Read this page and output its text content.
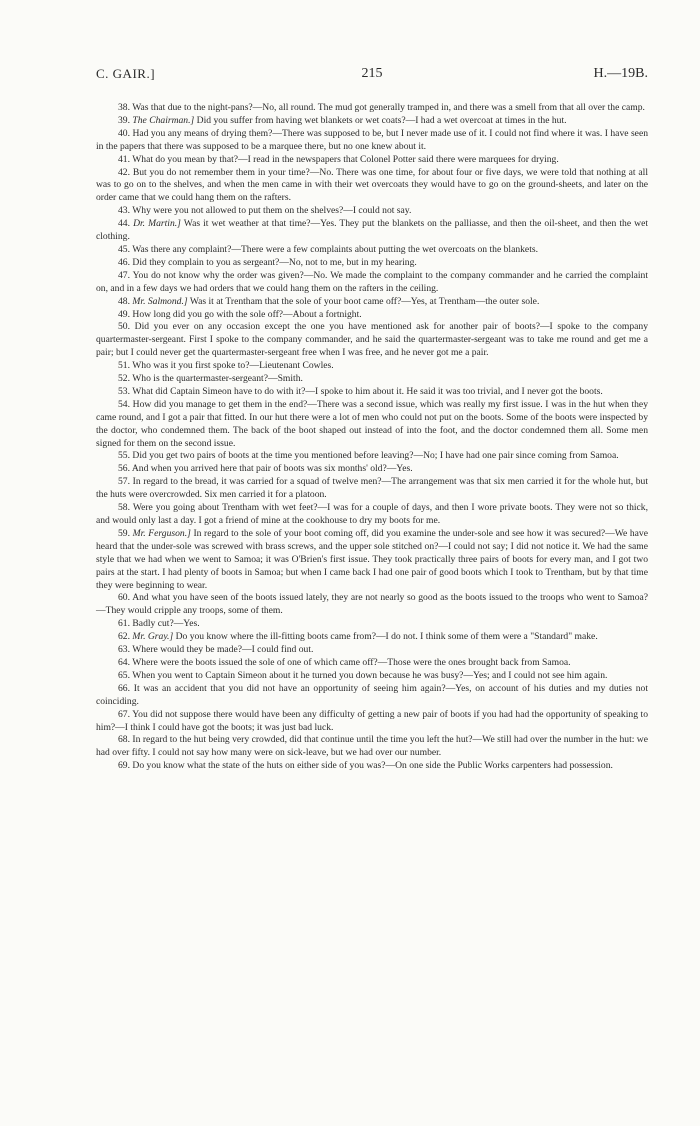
C. GAIR.]	215	H.—19B.

38. Was that due to the night-pans?—No, all round. The mud got generally tramped in, and there was a smell from that all over the camp.

39. The Chairman.] Did you suffer from having wet blankets or wet coats?—I had a wet overcoat at times in the hut.

40. Had you any means of drying them?—There was supposed to be, but I never made use of it. I could not find where it was. I have seen in the papers that there was supposed to be a marquee there, but no one knew about it.

41. What do you mean by that?—I read in the newspapers that Colonel Potter said there were marquees for drying.

42. But you do not remember them in your time?—No. There was one time, for about four or five days, we were told that nothing at all was to go on to the shelves, and when the men came in with their wet overcoats they would have to go on the ground-sheets, and later on the order came that we could hang them on the rafters.

43. Why were you not allowed to put them on the shelves?—I could not say.

44. Dr. Martin.] Was it wet weather at that time?—Yes. They put the blankets on the palliasse, and then the oil-sheet, and then the wet clothing.

45. Was there any complaint?—There were a few complaints about putting the wet overcoats on the blankets.

46. Did they complain to you as sergeant?—No, not to me, but in my hearing.

47. You do not know why the order was given?—No. We made the complaint to the company commander and he carried the complaint on, and in a few days we had orders that we could hang them on the rafters in the ceiling.

48. Mr. Salmond.] Was it at Trentham that the sole of your boot came off?—Yes, at Trentham—the outer sole.

49. How long did you go with the sole off?—About a fortnight.

50. Did you ever on any occasion except the one you have mentioned ask for another pair of boots?—I spoke to the company quartermaster-sergeant. First I spoke to the company commander, and he said the quartermaster-sergeant was to take me round and get me a pair; but I could never get the quartermaster-sergeant free when I was free, and he never got me a pair.

51. Who was it you first spoke to?—Lieutenant Cowles.

52. Who is the quartermaster-sergeant?—Smith.

53. What did Captain Simeon have to do with it?—I spoke to him about it. He said it was too trivial, and I never got the boots.

54. How did you manage to get them in the end?—There was a second issue, which was really my first issue. I was in the hut when they came round, and I got a pair that fitted. In our hut there were a lot of men who could not put on the boots. Some of the boots were inspected by the doctor, who condemned them. The back of the boot shaped out instead of into the foot, and the doctor condemned them all. Some men signed for them on the second issue.

55. Did you get two pairs of boots at the time you mentioned before leaving?—No; I have had one pair since coming from Samoa.

56. And when you arrived here that pair of boots was six months' old?—Yes.

57. In regard to the bread, it was carried for a squad of twelve men?—The arrangement was that six men carried it for the whole hut, but the huts were overcrowded. Six men carried it for a platoon.

58. Were you going about Trentham with wet feet?—I was for a couple of days, and then I wore private boots. They were not so thick, and would only last a day. I got a friend of mine at the cookhouse to dry my boots for me.

59. Mr. Ferguson.] In regard to the sole of your boot coming off, did you examine the under-sole and see how it was secured?—We have heard that the under-sole was screwed with brass screws, and the upper sole stitched on?—I could not say; I did not notice it. We had the same style that we had when we went to Samoa; it was O'Brien's first issue. They took practically three pairs of boots for every man, and I got two pairs at the start. I had plenty of boots in Samoa; but when I came back I had one pair of good boots which I took to Trentham, but by that time they were beginning to wear.

60. And what you have seen of the boots issued lately, they are not nearly so good as the boots issued to the troops who went to Samoa?—They would cripple any troops, some of them.

61. Badly cut?—Yes.

62. Mr. Gray.] Do you know where the ill-fitting boots came from?—I do not. I think some of them were a "Standard" make.

63. Where would they be made?—I could find out.

64. Where were the boots issued the sole of one of which came off?—Those were the ones brought back from Samoa.

65. When you went to Captain Simeon about it he turned you down because he was busy?—Yes; and I could not see him again.

66. It was an accident that you did not have an opportunity of seeing him again?—Yes, on account of his duties and my duties not coinciding.

67. You did not suppose there would have been any difficulty of getting a new pair of boots if you had had the opportunity of speaking to him?—I think I could have got the boots; it was just bad luck.

68. In regard to the hut being very crowded, did that continue until the time you left the hut?—We still had over the number in the hut: we had over fifty. I could not say how many were on sick-leave, but we had over our number.

69. Do you know what the state of the huts on either side of you was?—On one side the Public Works carpenters had possession.
